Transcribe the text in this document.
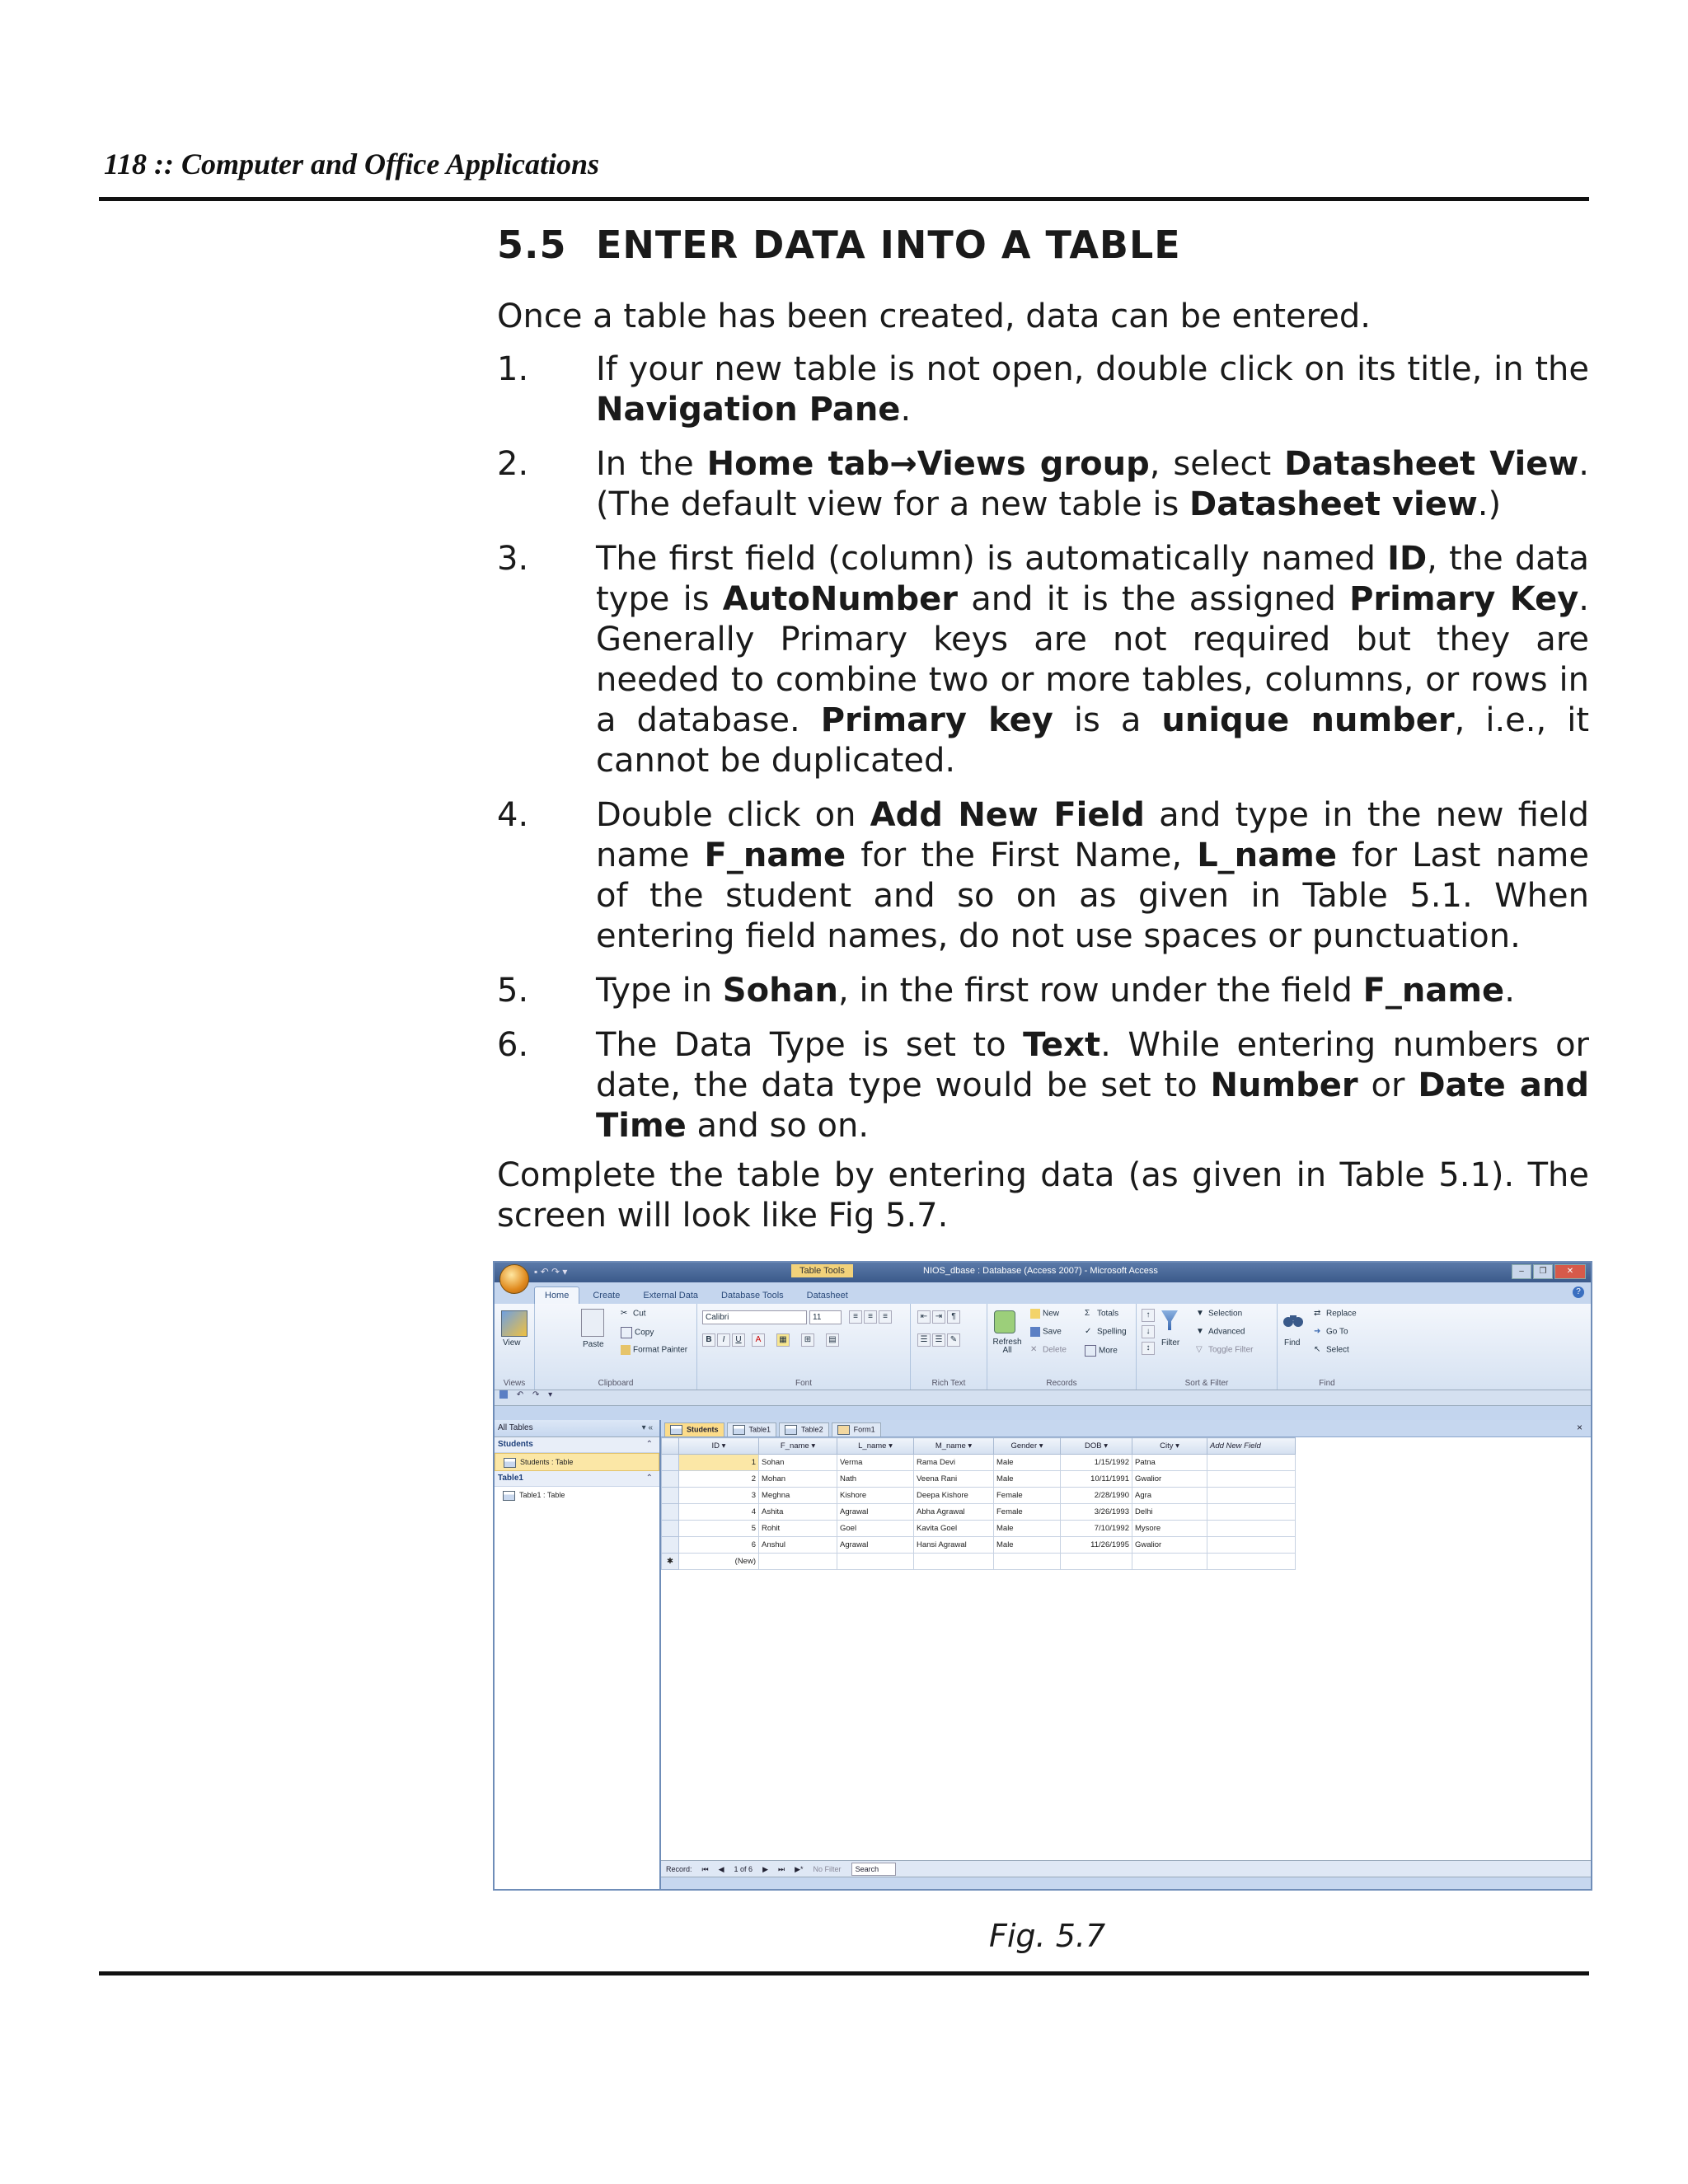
118 :: Computer and Office Applications
5.5 ENTER DATA INTO A TABLE

Once a table has been created, data can be entered.

1. If your new table is not open, double click on its title, in the Navigation Pane.
2. In the Home tab→Views group, select Datasheet View. (The default view for a new table is Datasheet view.)
3. The first field (column) is automatically named ID, the data type is AutoNumber and it is the assigned Primary Key. Generally Primary keys are not required but they are needed to combine two or more tables, columns, or rows in a database. Primary key is a unique number, i.e., it cannot be duplicated.
4. Double click on Add New Field and type in the new field name F_name for the First Name, L_name for Last name of the student and so on as given in Table 5.1. When entering field names, do not use spaces or punctuation.
5. Type in Sohan, in the first row under the field F_name.
6. The Data Type is set to Text. While entering numbers or date, the data type would be set to Number or Date and Time and so on.

Complete the table by entering data (as given in Table 5.1). The screen will look like Fig 5.7.

▪ ↶ ↷ ▾	Table Tools	NIOS_dbase : Database (Access 2007) - Microsoft Access	–	❐	✕
Home	Create	External Data	Database Tools	Datasheet	?
View
Views
Paste
✂ Cut
Copy
Format Painter
Clipboard
Calibri	11	≡	≡	≡
B	I	U	A	▦	⊞	▤
Font
⇤ ⇥	¶
☰ ☰ ✎
Rich Text
Refresh All
New
Save
✕ Delete
Σ Totals
✓ Spelling
More
Records
↑
↓
↕
Filter
▼ Selection
▼ Advanced
▽ Toggle Filter
Sort & Filter
Find
⇄ Replace
➜ Go To
↖ Select
Find
↶ ↷ ▾
All Tables	▾ «
Students	⌃
Students : Table
Table1	⌃
Table1 : Table
Students	Table1	Table2	Form1	×
	ID ▾	F_name ▾	L_name ▾	M_name ▾	Gender ▾	DOB ▾	City ▾	Add New Field
	1	Sohan	Verma	Rama Devi	Male	1/15/1992	Patna	
	2	Mohan	Nath	Veena Rani	Male	10/11/1991	Gwalior	
	3	Meghna	Kishore	Deepa Kishore	Female	2/28/1990	Agra	
	4	Ashita	Agrawal	Abha Agrawal	Female	3/26/1993	Delhi	
	5	Rohit	Goel	Kavita Goel	Male	7/10/1992	Mysore	
	6	Anshul	Agrawal	Hansi Agrawal	Male	11/26/1995	Gwalior	
✱	(New)							
Record: ⏮ ◀ 1 of 6 ▶ ⏭ ▶* No Filter	Search
Fig. 5.7
